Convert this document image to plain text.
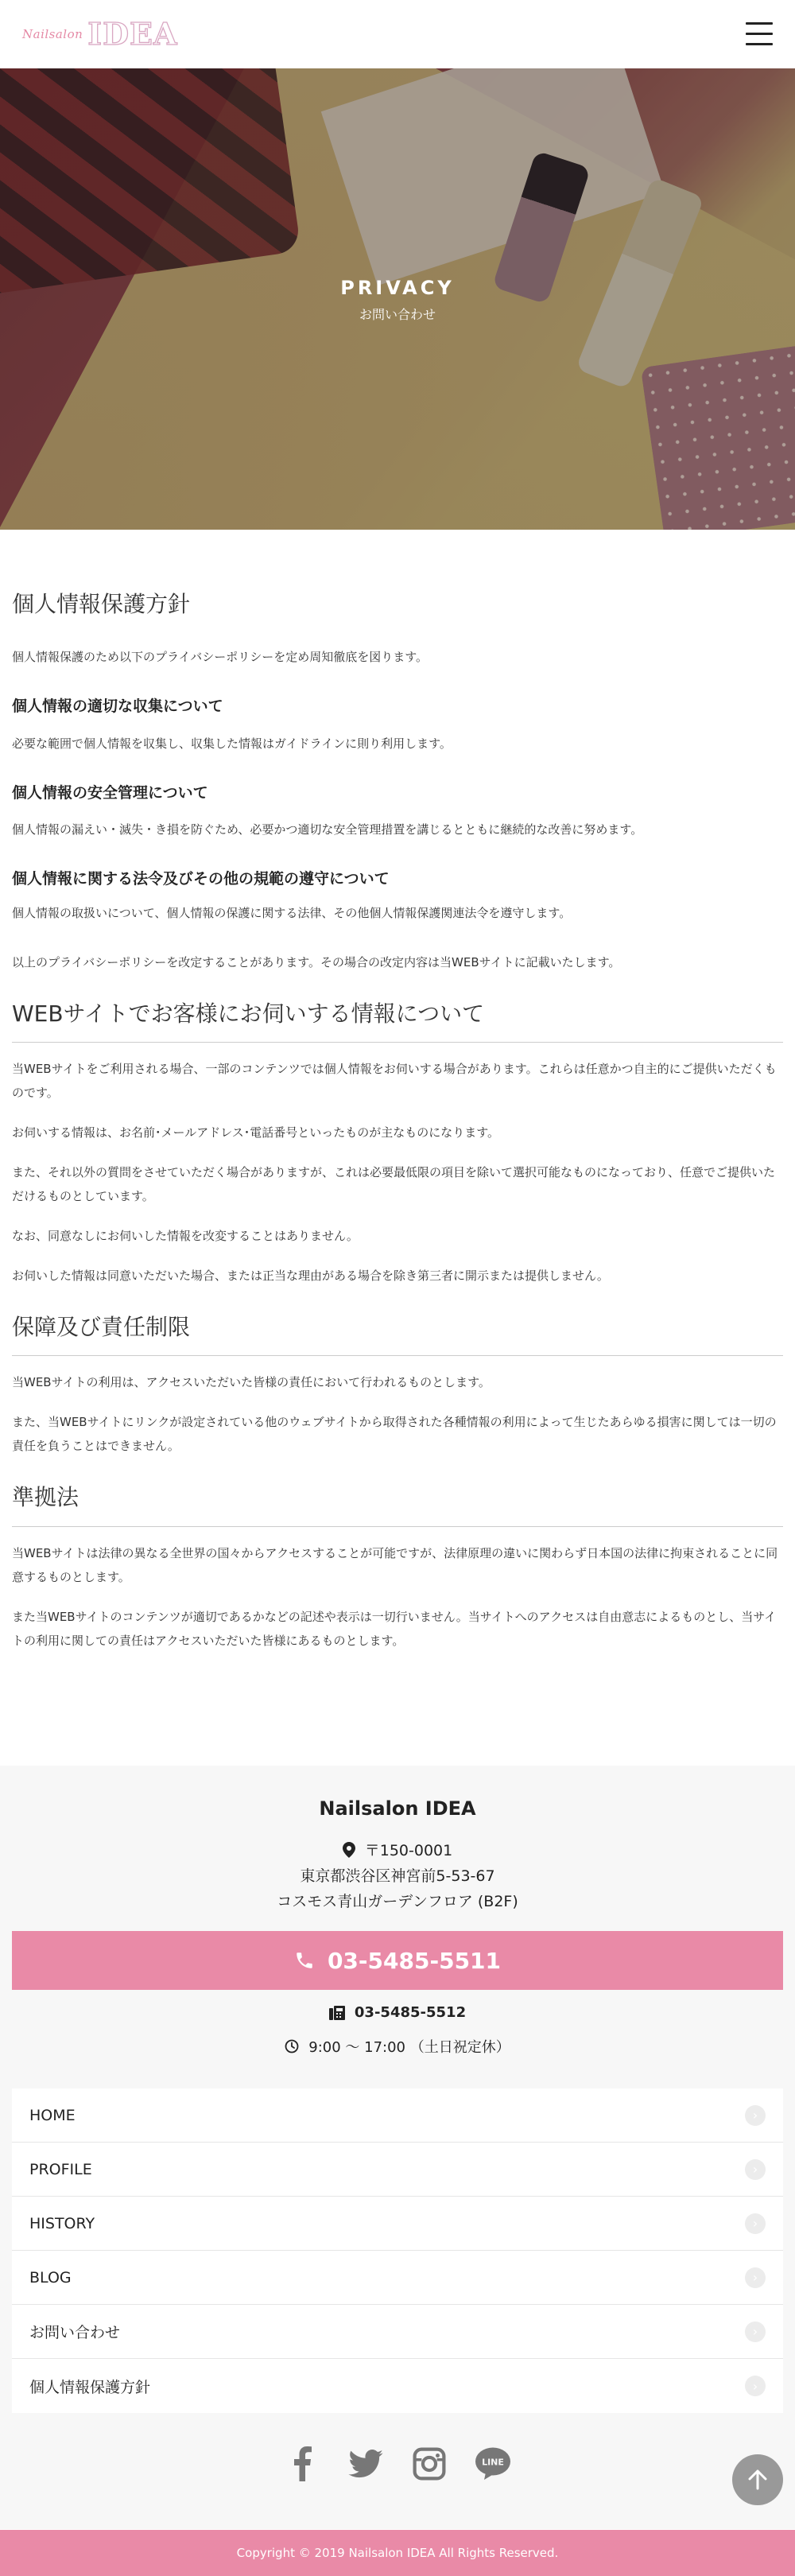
Nailsalon IDEA
PRIVACY
お問い合わせ
個人情報保護方針

個人情報保護のため以下のプライバシーポリシーを定め周知徹底を図ります。

個人情報の適切な収集について

必要な範囲で個人情報を収集し、収集した情報はガイドラインに則り利用します。

個人情報の安全管理について

個人情報の漏えい・滅失・き損を防ぐため、必要かつ適切な安全管理措置を講じるとともに継続的な改善に努めます。

個人情報に関する法令及びその他の規範の遵守について

個人情報の取扱いについて、個人情報の保護に関する法律、その他個人情報保護関連法令を遵守します。

以上のプライバシーポリシーを改定することがあります。その場合の改定内容は当WEBサイトに記載いたします。

WEBサイトでお客様にお伺いする情報について

当WEBサイトをご利用される場合、一部のコンテンツでは個人情報をお伺いする場合があります。これらは任意かつ自主的にご提供いただくものです。

お伺いする情報は、お名前･メールアドレス･電話番号といったものが主なものになります。

また、それ以外の質問をさせていただく場合がありますが、これは必要最低限の項目を除いて選択可能なものになっており、任意でご提供いただけるものとしています。

なお、同意なしにお伺いした情報を改変することはありません。

お伺いした情報は同意いただいた場合、または正当な理由がある場合を除き第三者に開示または提供しません。

保障及び責任制限

当WEBサイトの利用は、アクセスいただいた皆様の責任において行われるものとします。

また、当WEBサイトにリンクが設定されている他のウェブサイトから取得された各種情報の利用によって生じたあらゆる損害に関しては一切の責任を負うことはできません。

準拠法

当WEBサイトは法律の異なる全世界の国々からアクセスすることが可能ですが、法律原理の違いに関わらず日本国の法律に拘束されることに同意するものとします。

また当WEBサイトのコンテンツが適切であるかなどの記述や表示は一切行いません。当サイトへのアクセスは自由意志によるものとし、当サイトの利用に関しての責任はアクセスいただいた皆様にあるものとします。

Nailsalon IDEA
〒150-0001
東京都渋谷区神宮前5-53-67
コスモス青山ガーデンフロア (B2F)
03-5485-5511
03-5485-5512
9:00 〜 17:00 （土日祝定休）
HOME	›
PROFILE	›
HISTORY	›
BLOG	›
お問い合わせ	›
個人情報保護方針	›
LINE
Copyright © 2019 Nailsalon IDEA All Rights Reserved.
